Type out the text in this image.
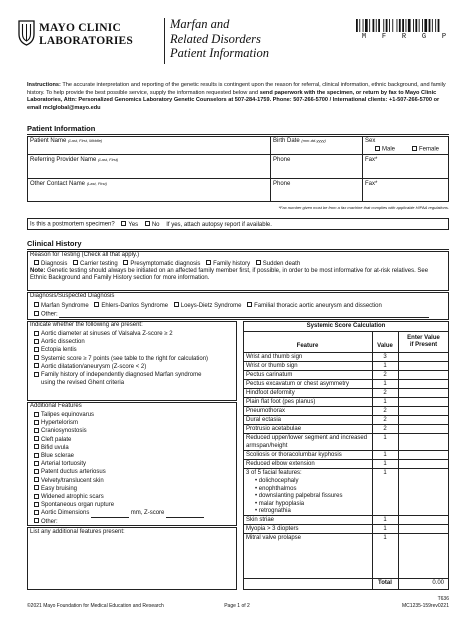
MAYO CLINIC
LABORATORIES
Marfan and
Related Disorders
Patient Information
M F R G P
Instructions: The accurate interpretation and reporting of the genetic results is contingent upon the reason for referral, clinical information, ethnic background, and family history. To help provide the best possible service, supply the information requested below and send paperwork with the specimen, or return by fax to Mayo Clinic Laboratories, Attn: Personalized Genomics Laboratory Genetic Counselors at 507-284-1759. Phone: 507-266-5700 / International clients: +1-507-266-5700 or email mcIglobal@mayo.edu
Patient Information
Patient Name (Last, First, Middle)	Birth Date (mm-dd-yyyy)	Sex
Male	Female
Referring Provider Name (Last, First)	Phone	Fax*
Other Contact Name (Last, First)	Phone	Fax*
*Fax number given must be from a fax machine that complies with applicable HIPAA regulations.
Is this a postmortem specimen? Yes No If yes, attach autopsy report if available.
Clinical History
Reason for Testing (Check all that apply.)
Diagnosis Carrier testing Presymptomatic diagnosis Family history Sudden death
Note: Genetic testing should always be initiated on an affected family member first, if possible, in order to be most informative for at-risk relatives. See Ethnic Background and Family History section for more information.
Diagnosis/Suspected Diagnosis
Marfan Syndrome Ehlers-Danlos Syndrome Loeys-Dietz Syndrome Familial thoracic aortic aneurysm and dissection
Other:
Indicate whether the following are present:
Aortic diameter at sinuses of Valsalva Z-score ≥ 2
Aortic dissection
Ectopia lentis
Systemic score ≥ 7 points (see table to the right for calculation)
Aortic dilatation/aneurysm (Z-score < 2)
Family history of independently diagnosed Marfan syndrome
using the revised Ghent criteria
Additional Features
Talipes equinovarus
Hypertelorism
Craniosynostosis
Cleft palate
Bifid uvula
Blue sclerae
Arterial tortuosity
Patent ductus arteriosus
Velvety/translucent skin
Easy bruising
Widened atrophic scars
Spontaneous organ rupture
Aortic Dimensions	mm, Z-score
Other:
List any additional features present:
Systemic Score Calculation
Feature	Value
Enter Value
if Present
Wrist and thumb sign	3
Wrist or thumb sign	1
Pectus carinatum	2
Pectus excavatum or chest asymmetry	1
Hindfoot deformity	2
Plain flat foot (pes planus)	1
Pneumothorax	2
Dural ectasia	2
Protrusio acetabulae	2
Reduced upper/lower segment and increased armspan/height
1
Scoliosis or thoracolumbar kyphosis	1
Reduced elbow extension	1
3 of 5 facial features:
• dolichocephaly
• enophthalmos
• downslanting palpebral fissures
• malar hypoplasia
• retrognathia
1
Skin striae	1
Myopia > 3 diopters	1
Mitral valve prolapse	1
Total	0.00
T636
©2021 Mayo Foundation for Medical Education and Research	Page 1 of 2	MC1235-159rev0221
